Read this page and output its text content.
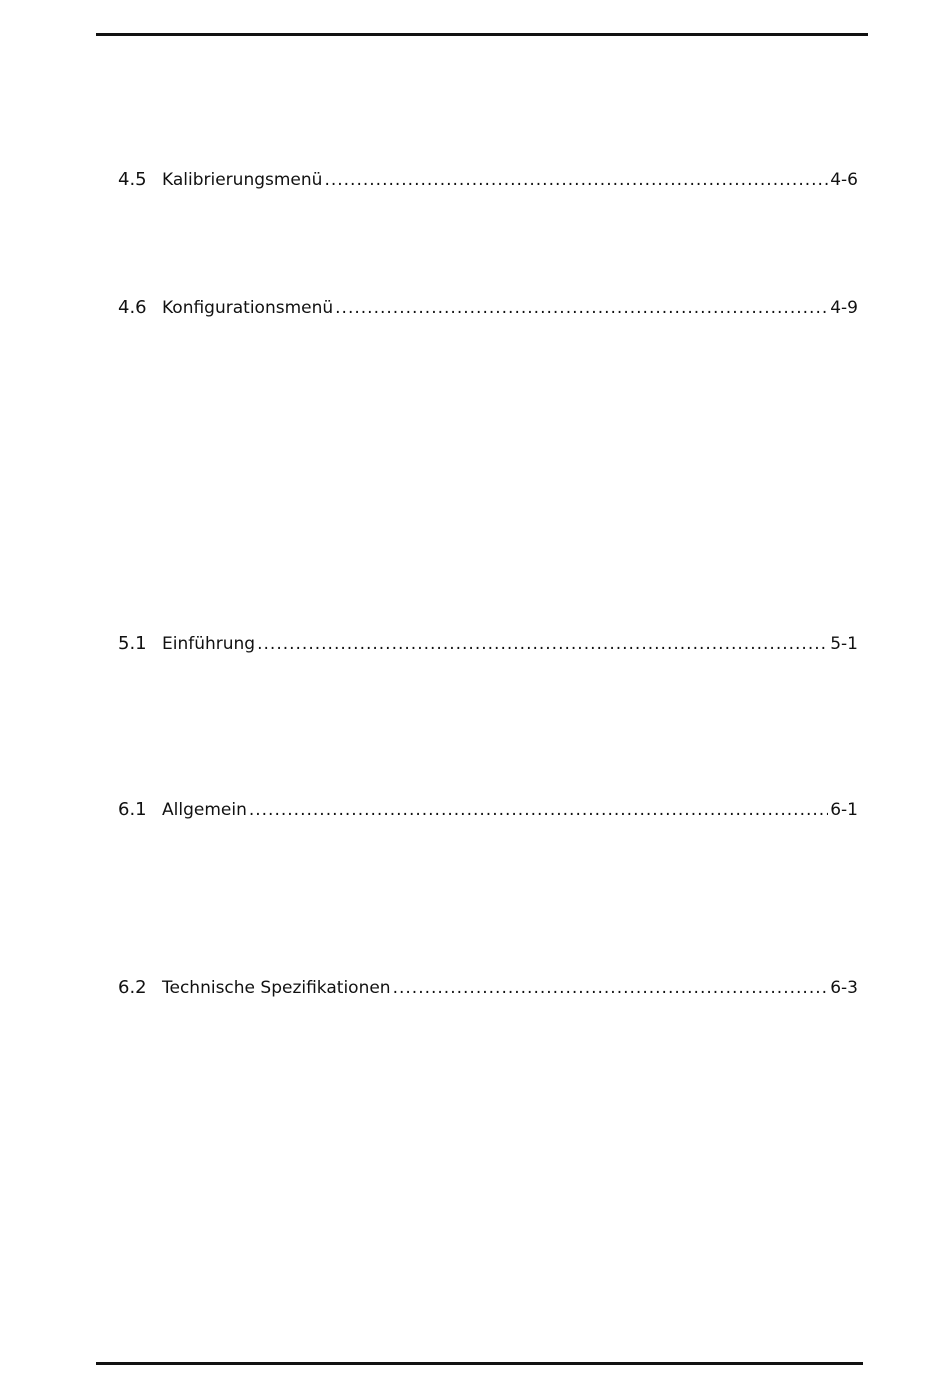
4.5 Kalibrierungsmenü .....	4-6
4.6 Konfigurationsmenü .....	4-9
5.1 Einführung .....	5-1
6.1 Allgemein .....	6-1
6.2 Technische Spezifikationen .....	6-3
